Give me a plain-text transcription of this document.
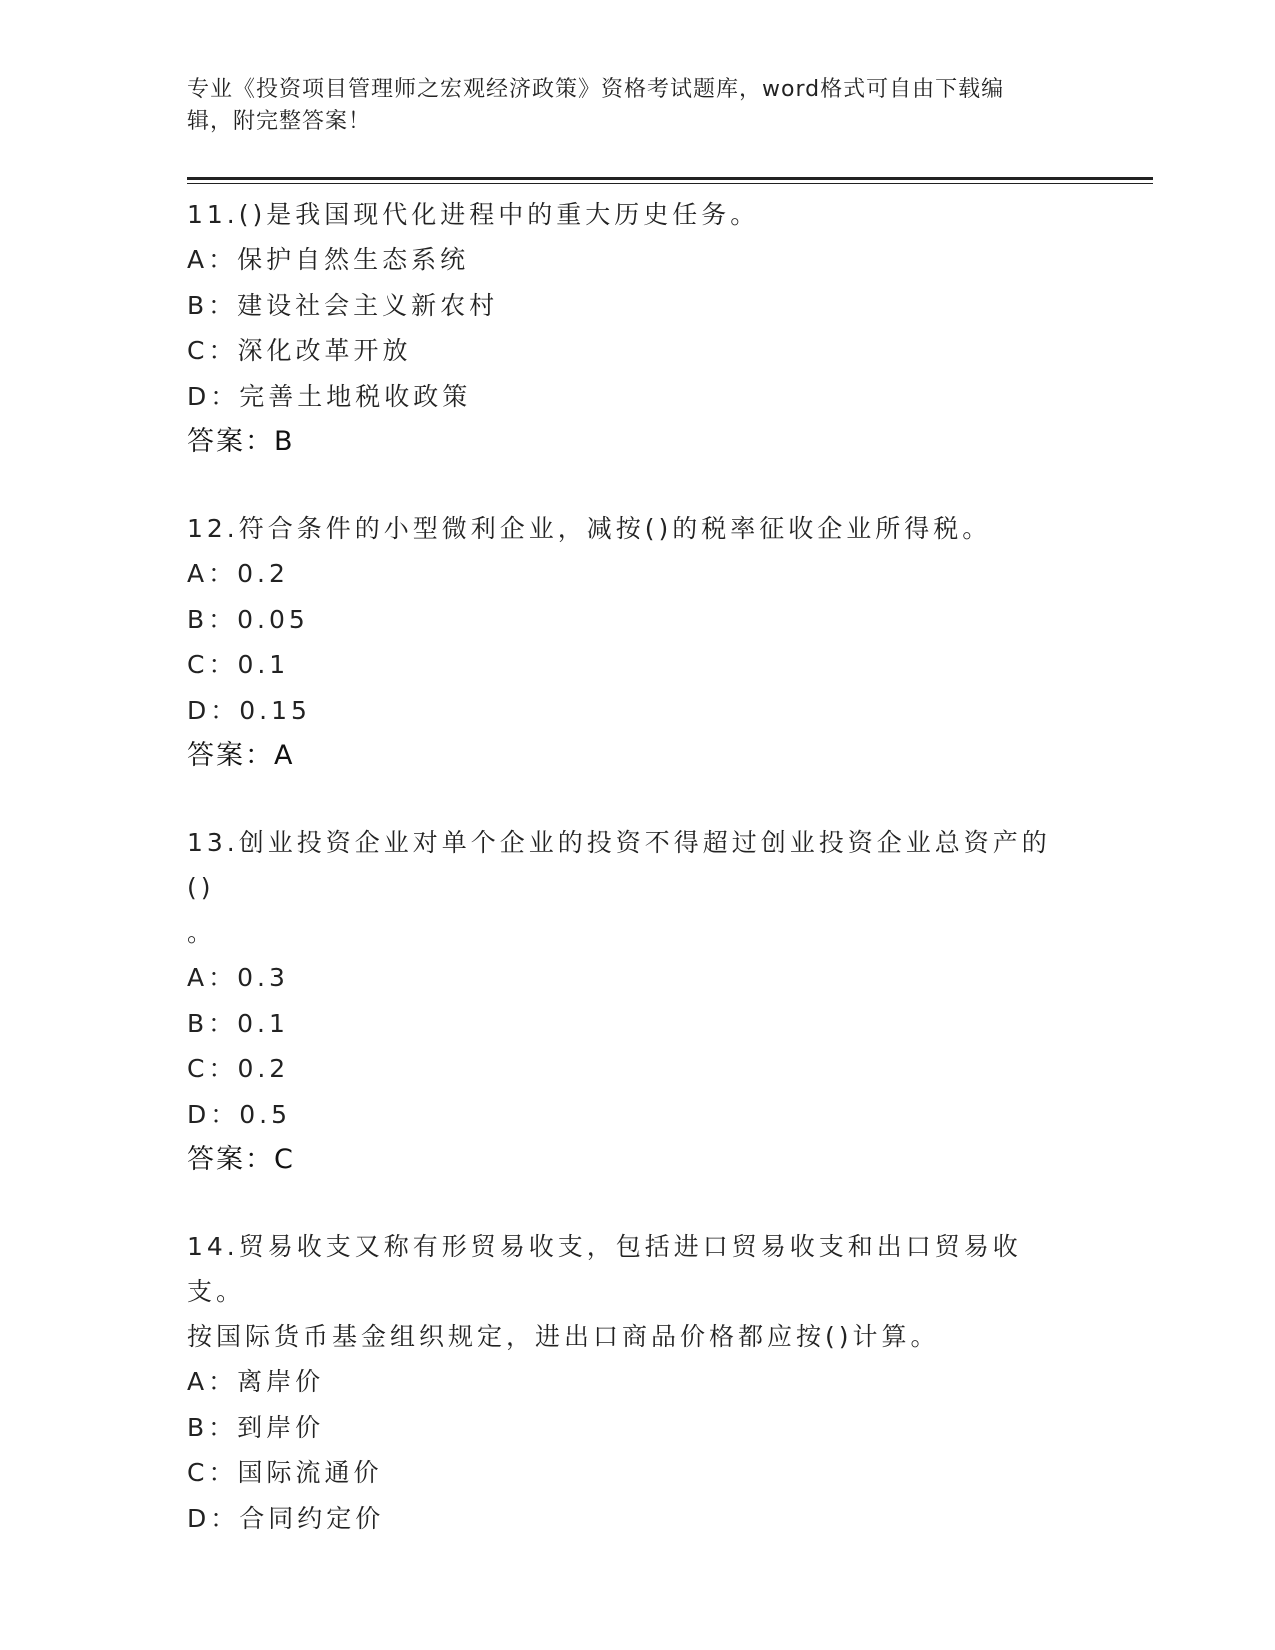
专业《投资项目管理师之宏观经济政策》资格考试题库，word格式可自由下载编
辑，附完整答案！
11.()是我国现代化进程中的重大历史任务。
A：保护自然生态系统
B：建设社会主义新农村
C：深化改革开放
D：完善土地税收政策
答案：B
12.符合条件的小型微利企业，减按()的税率征收企业所得税。
A：0.2
B：0.05
C：0.1
D：0.15
答案：A
13.创业投资企业对单个企业的投资不得超过创业投资企业总资产的()
。
A：0.3
B：0.1
C：0.2
D：0.5
答案：C
14.贸易收支又称有形贸易收支，包括进口贸易收支和出口贸易收支。
按国际货币基金组织规定，进出口商品价格都应按()计算。
A：离岸价
B：到岸价
C：国际流通价
D：合同约定价
